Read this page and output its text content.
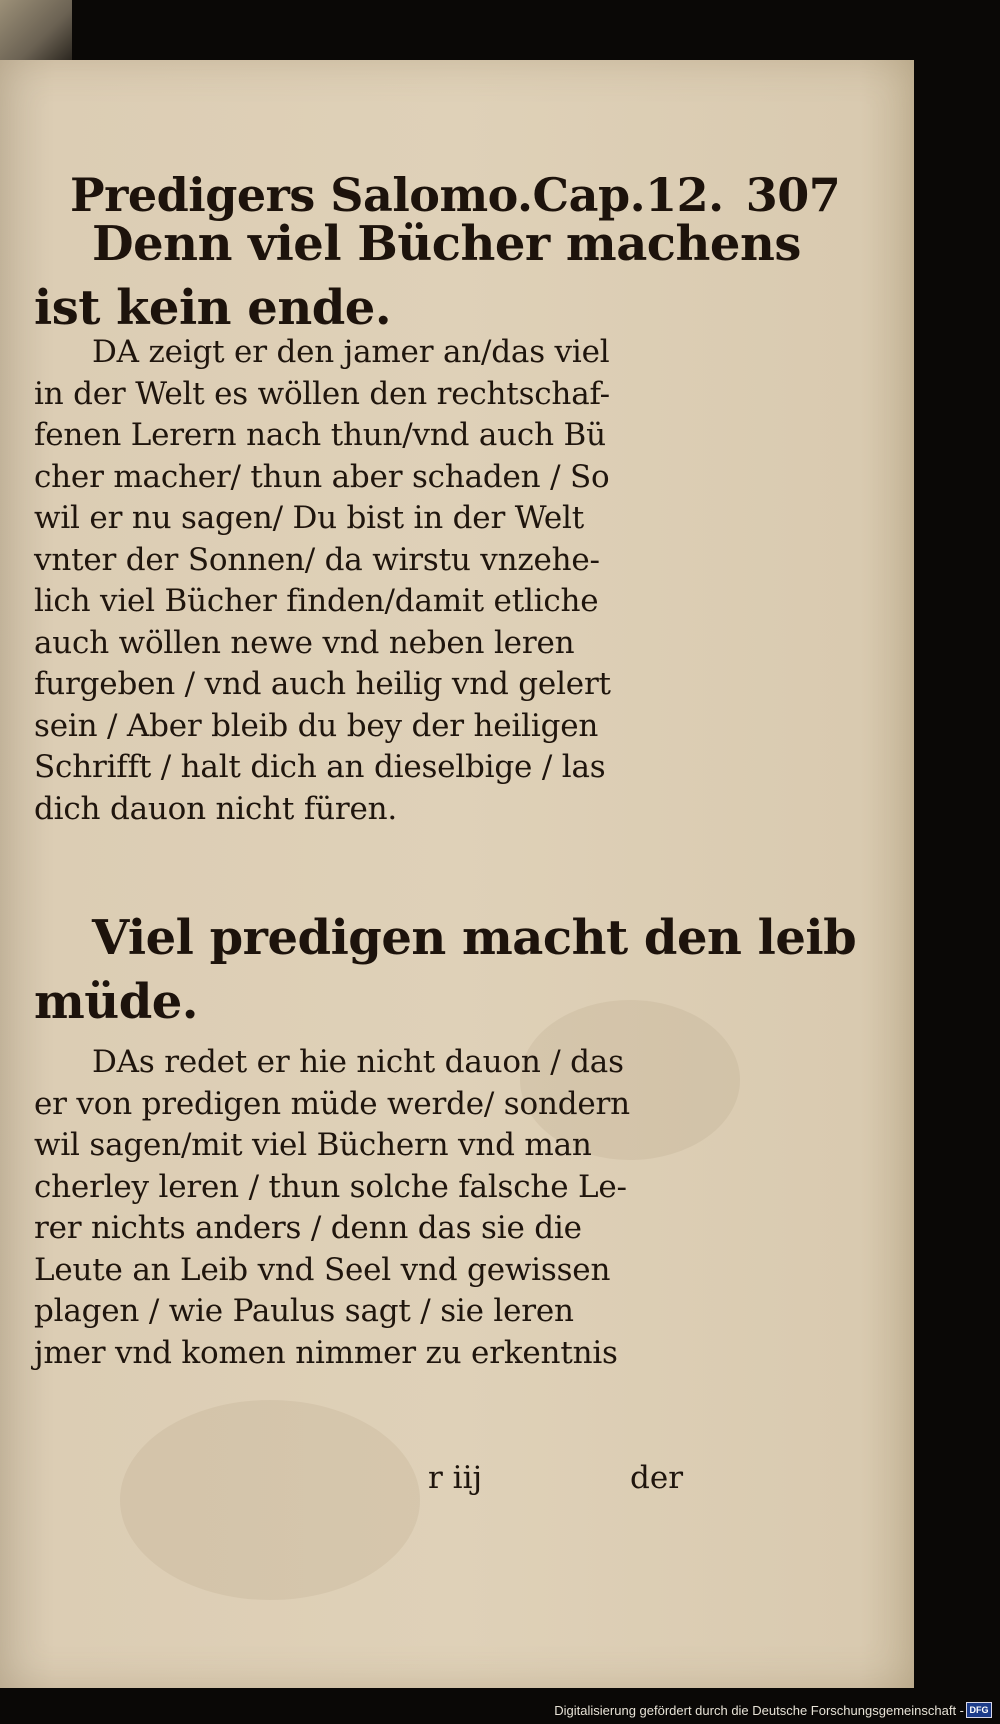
Predigers Salomo.Cap.12. 307
Denn viel Bücher machens
ist kein ende.
DA zeigt er den jamer an/das viel
in der Welt es wöllen den rechtschaf-
fenen Lerern nach thun/vnd auch Bü
cher macher/ thun aber schaden / So
wil er nu sagen/ Du bist in der Welt
vnter der Sonnen/ da wirstu vnzehe-
lich viel Bücher finden/damit etliche
auch wöllen newe vnd neben leren
furgeben / vnd auch heilig vnd gelert
sein / Aber bleib du bey der heiligen
Schrifft / halt dich an dieselbige / las
dich dauon nicht füren.
Viel predigen macht den leib
müde.
DAs redet er hie nicht dauon / das
er von predigen müde werde/ sondern
wil sagen/mit viel Büchern vnd man
cherley leren / thun solche falsche Le-
rer nichts anders / denn das sie die
Leute an Leib vnd Seel vnd gewissen
plagen / wie Paulus sagt / sie leren
jmer vnd komen nimmer zu erkentnis
r iij	der
Digitalisierung gefördert durch die Deutsche Forschungsgemeinschaft - DFG
